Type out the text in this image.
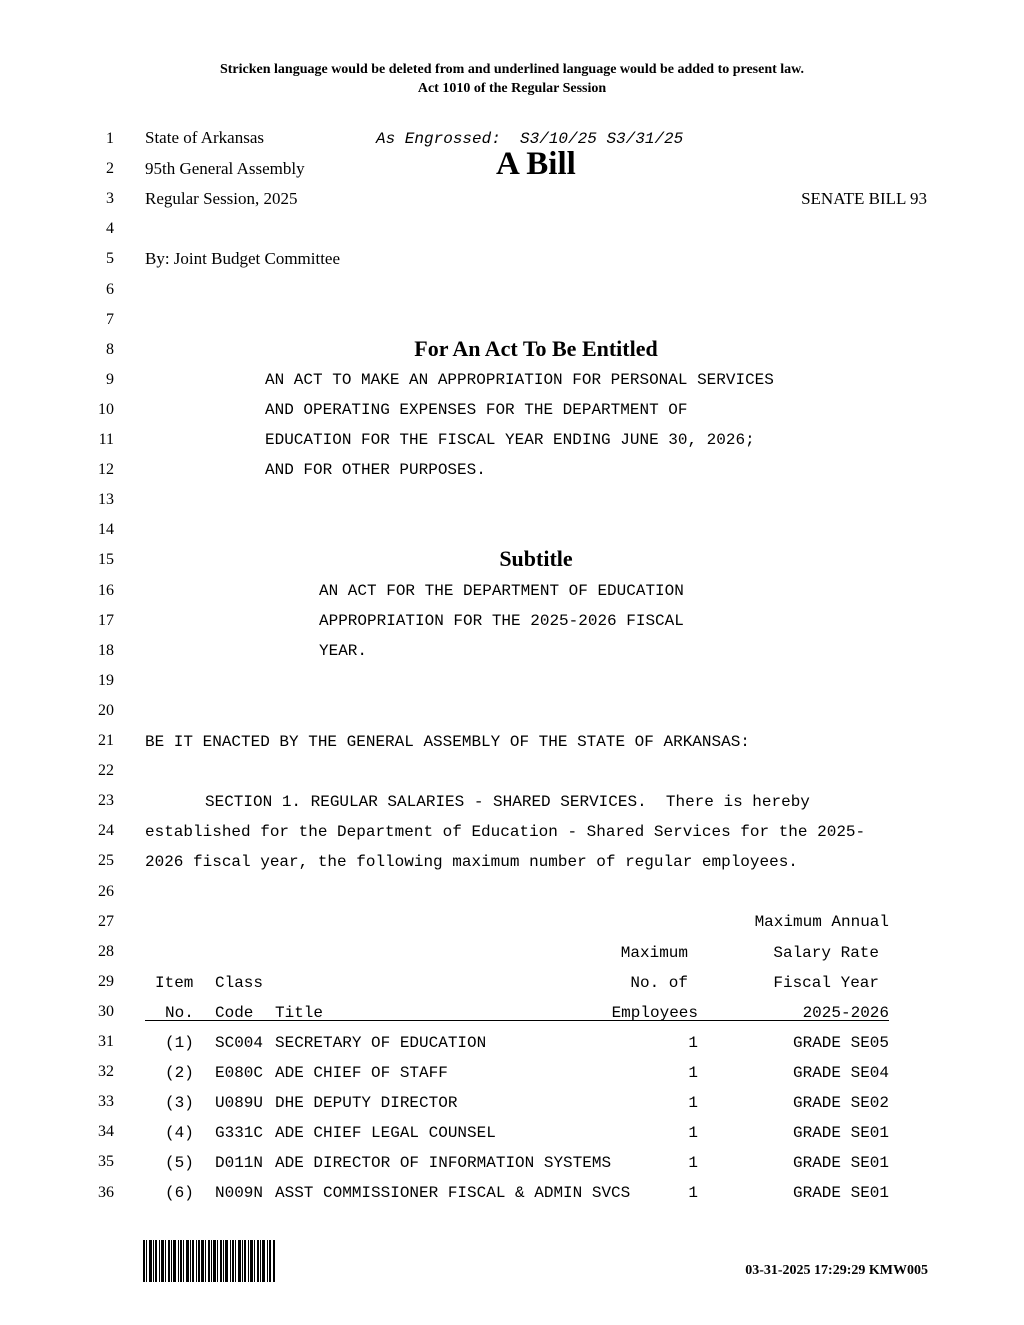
Stricken language would be deleted from and underlined language would be added to present law.
Act 1010 of the Regular Session
1
2
3
4
5
6
7
8
9
10
11
12
13
14
15
16
17
18
19
20
21
22
23
24
25
26
27
28
29
30
31
32
33
34
35
36
State of Arkansas	As Engrossed:  S3/10/25 S3/31/25
95th General Assembly	A Bill
Regular Session, 2025	SENATE BILL 93
By: Joint Budget Committee
For An Act To Be Entitled
AN ACT TO MAKE AN APPROPRIATION FOR PERSONAL SERVICES
AND OPERATING EXPENSES FOR THE DEPARTMENT OF
EDUCATION FOR THE FISCAL YEAR ENDING JUNE 30, 2026;
AND FOR OTHER PURPOSES.
Subtitle
AN ACT FOR THE DEPARTMENT OF EDUCATION
APPROPRIATION FOR THE 2025-2026 FISCAL
YEAR.
BE IT ENACTED BY THE GENERAL ASSEMBLY OF THE STATE OF ARKANSAS:
SECTION 1. REGULAR SALARIES - SHARED SERVICES.  There is hereby
established for the Department of Education - Shared Services for the 2025-
2026 fiscal year, the following maximum number of regular employees.
Maximum Annual
Maximum	Salary Rate
Item Class	No. of	Fiscal Year
No. Code Title	Employees	2025-2026
(1) SC004 SECRETARY OF EDUCATION	1	GRADE SE05
(2) E080C ADE CHIEF OF STAFF	1	GRADE SE04
(3) U089U DHE DEPUTY DIRECTOR	1	GRADE SE02
(4) G331C ADE CHIEF LEGAL COUNSEL	1	GRADE SE01
(5) D011N ADE DIRECTOR OF INFORMATION SYSTEMS	1	GRADE SE01
(6) N009N ASST COMMISSIONER FISCAL & ADMIN SVCS	1	GRADE SE01
03-31-2025 17:29:29 KMW005
